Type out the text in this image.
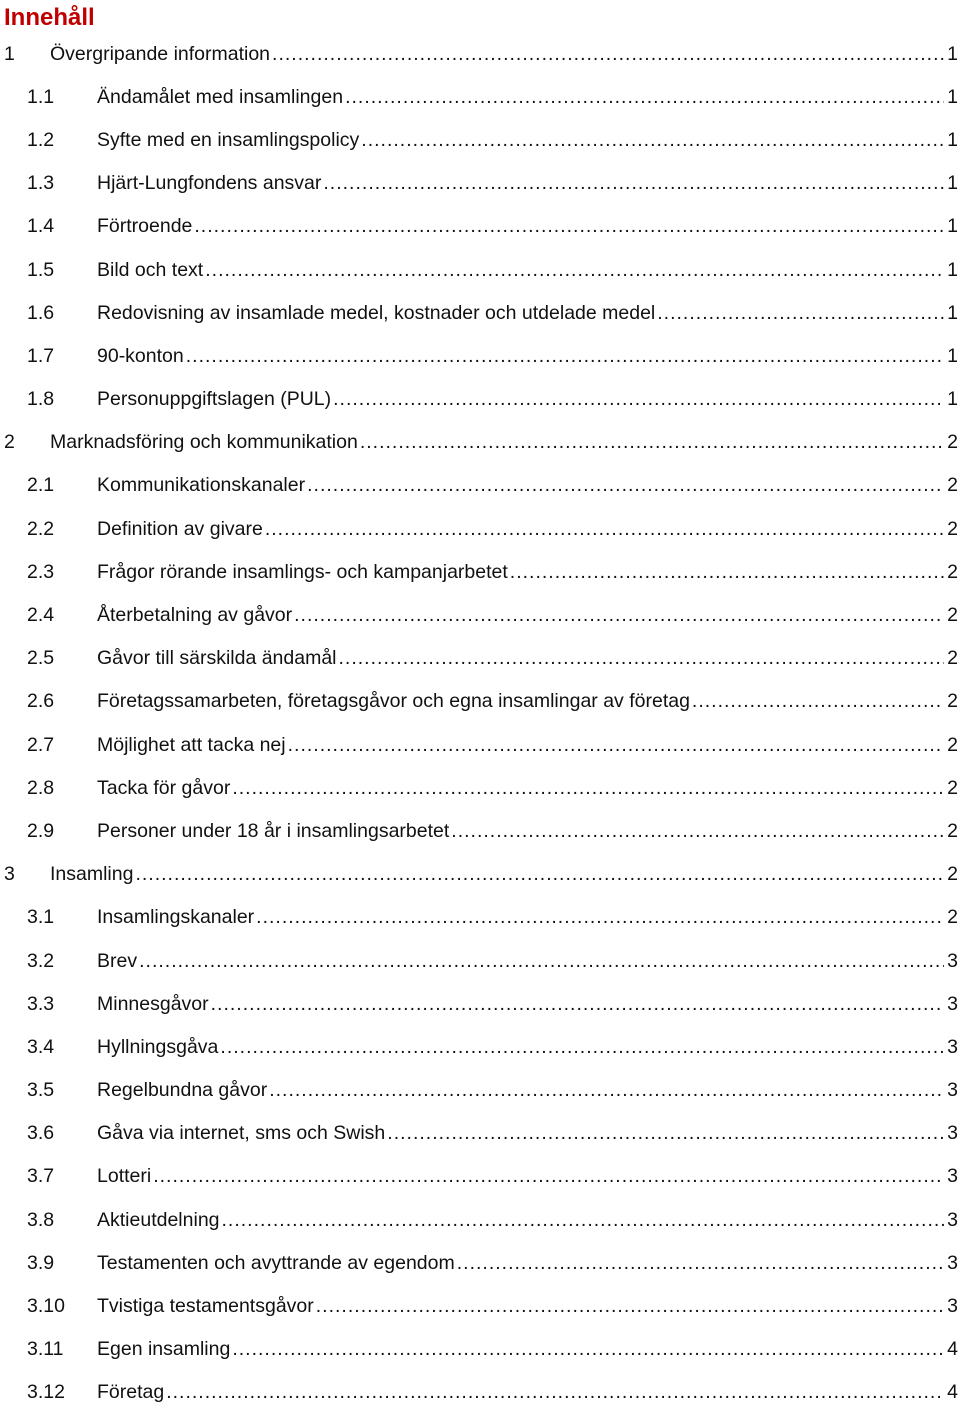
Innehåll
1 Övergripande information .....	1
1.1 Ändamålet med insamlingen .....	1
1.2 Syfte med en insamlingspolicy .....	1
1.3 Hjärt-Lungfondens ansvar .....	1
1.4 Förtroende .....	1
1.5 Bild och text .....	1
1.6 Redovisning av insamlade medel, kostnader och utdelade medel .....	1
1.7 90-konton .....	1
1.8 Personuppgiftslagen (PUL) .....	1
2 Marknadsföring och kommunikation .....	2
2.1 Kommunikationskanaler .....	2
2.2 Definition av givare .....	2
2.3 Frågor rörande insamlings- och kampanjarbetet .....	2
2.4 Återbetalning av gåvor .....	2
2.5 Gåvor till särskilda ändamål .....	2
2.6 Företagssamarbeten, företagsgåvor och egna insamlingar av företag .....	2
2.7 Möjlighet att tacka nej .....	2
2.8 Tacka för gåvor .....	2
2.9 Personer under 18 år i insamlingsarbetet .....	2
3 Insamling .....	2
3.1 Insamlingskanaler .....	2
3.2 Brev .....	3
3.3 Minnesgåvor .....	3
3.4 Hyllningsgåva .....	3
3.5 Regelbundna gåvor .....	3
3.6 Gåva via internet, sms och Swish .....	3
3.7 Lotteri .....	3
3.8 Aktieutdelning .....	3
3.9 Testamenten och avyttrande av egendom .....	3
3.10 Tvistiga testamentsgåvor .....	3
3.11 Egen insamling .....	4
3.12 Företag .....	4
